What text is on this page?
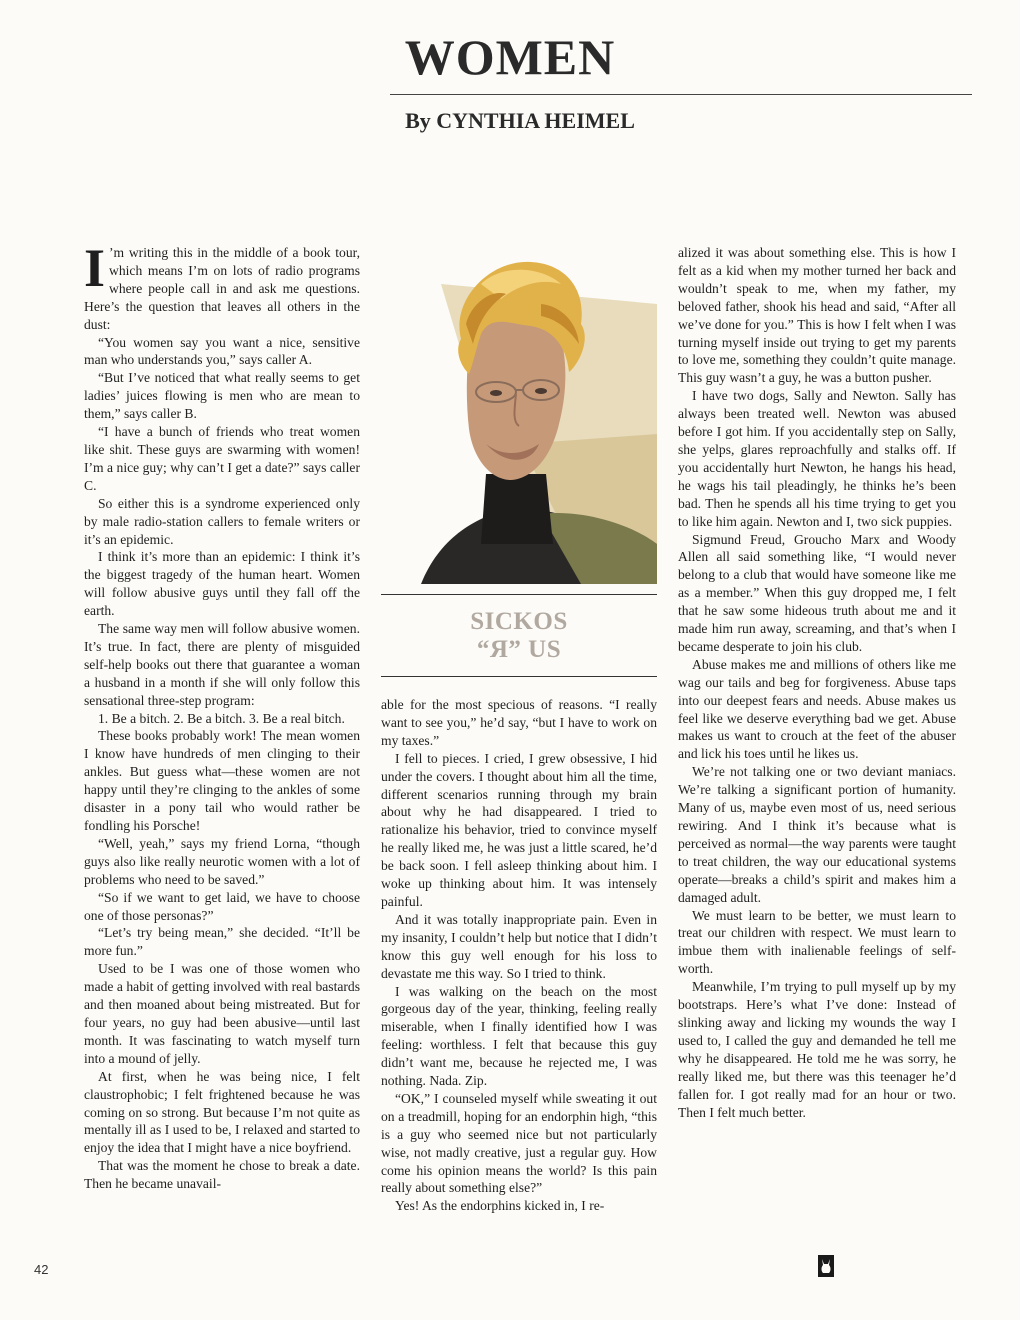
WOMEN
By CYNTHIA HEIMEL

I ’m writing this in the middle of a book tour, which means I’m on lots of radio programs where people call in and ask me questions. Here’s the question that leaves all others in the dust:

“You women say you want a nice, sensitive man who understands you,” says caller A.

“But I’ve noticed that what really seems to get ladies’ juices flowing is men who are mean to them,” says caller B.

“I have a bunch of friends who treat women like shit. These guys are swarming with women! I’m a nice guy; why can’t I get a date?” says caller C.

So either this is a syndrome experienced only by male radio-station callers to female writers or it’s an epidemic.

I think it’s more than an epidemic: I think it’s the biggest tragedy of the human heart. Women will follow abusive guys until they fall off the earth.

The same way men will follow abusive women. It’s true. In fact, there are plenty of misguided self-help books out there that guarantee a woman a husband in a month if she will only follow this sensational three-step program:

1. Be a bitch. 2. Be a bitch. 3. Be a real bitch.

These books probably work! The mean women I know have hundreds of men clinging to their ankles. But guess what—these women are not happy until they’re clinging to the ankles of some disaster in a pony tail who would rather be fondling his Porsche!

“Well, yeah,” says my friend Lorna, “though guys also like really neurotic women with a lot of problems who need to be saved.”

“So if we want to get laid, we have to choose one of those personas?”

“Let’s try being mean,” she decided. “It’ll be more fun.”

Used to be I was one of those women who made a habit of getting involved with real bastards and then moaned about being mistreated. But for four years, no guy had been abusive—until last month. It was fascinating to watch myself turn into a mound of jelly.

At first, when he was being nice, I felt claustrophobic; I felt frightened because he was coming on so strong. But because I’m not quite as mentally ill as I used to be, I relaxed and started to enjoy the idea that I might have a nice boyfriend.

That was the moment he chose to break a date. Then he became unavail-

SICKOS
“Я” US

able for the most specious of reasons. “I really want to see you,” he’d say, “but I have to work on my taxes.”

I fell to pieces. I cried, I grew obsessive, I hid under the covers. I thought about him all the time, different scenarios running through my brain about why he had disappeared. I tried to rationalize his behavior, tried to convince myself he really liked me, he was just a little scared, he’d be back soon. I fell asleep thinking about him. I woke up thinking about him. It was intensely painful.

And it was totally inappropriate pain. Even in my insanity, I couldn’t help but notice that I didn’t know this guy well enough for his loss to devastate me this way. So I tried to think.

I was walking on the beach on the most gorgeous day of the year, thinking, feeling really miserable, when I finally identified how I was feeling: worthless. I felt that because this guy didn’t want me, because he rejected me, I was nothing. Nada. Zip.

“OK,” I counseled myself while sweating it out on a treadmill, hoping for an endorphin high, “this is a guy who seemed nice but not particularly wise, not madly creative, just a regular guy. How come his opinion means the world? Is this pain really about something else?”

Yes! As the endorphins kicked in, I re-

alized it was about something else. This is how I felt as a kid when my mother turned her back and wouldn’t speak to me, when my father, my beloved father, shook his head and said, “After all we’ve done for you.” This is how I felt when I was turning myself inside out trying to get my parents to love me, something they couldn’t quite manage. This guy wasn’t a guy, he was a button pusher.

I have two dogs, Sally and Newton. Sally has always been treated well. Newton was abused before I got him. If you accidentally step on Sally, she yelps, glares reproachfully and stalks off. If you accidentally hurt Newton, he hangs his head, he wags his tail pleadingly, he thinks he’s been bad. Then he spends all his time trying to get you to like him again. Newton and I, two sick puppies.

Sigmund Freud, Groucho Marx and Woody Allen all said something like, “I would never belong to a club that would have someone like me as a member.” When this guy dropped me, I felt that he saw some hideous truth about me and it made him run away, screaming, and that’s when I became desperate to join his club.

Abuse makes me and millions of others like me wag our tails and beg for forgiveness. Abuse taps into our deepest fears and needs. Abuse makes us feel like we deserve everything bad we get. Abuse makes us want to crouch at the feet of the abuser and lick his toes until he likes us.

We’re not talking one or two deviant maniacs. We’re talking a significant portion of humanity. Many of us, maybe even most of us, need serious rewiring. And I think it’s because what is perceived as normal—the way parents were taught to treat children, the way our educational systems operate—breaks a child’s spirit and makes him a damaged adult.

We must learn to be better, we must learn to treat our children with respect. We must learn to imbue them with inalienable feelings of self-worth.

Meanwhile, I’m trying to pull myself up by my bootstraps. Here’s what I’ve done: Instead of slinking away and licking my wounds the way I used to, I called the guy and demanded he tell me why he disappeared. He told me he was sorry, he really liked me, but there was this teenager he’d fallen for. I got really mad for an hour or two. Then I felt much better.

42
